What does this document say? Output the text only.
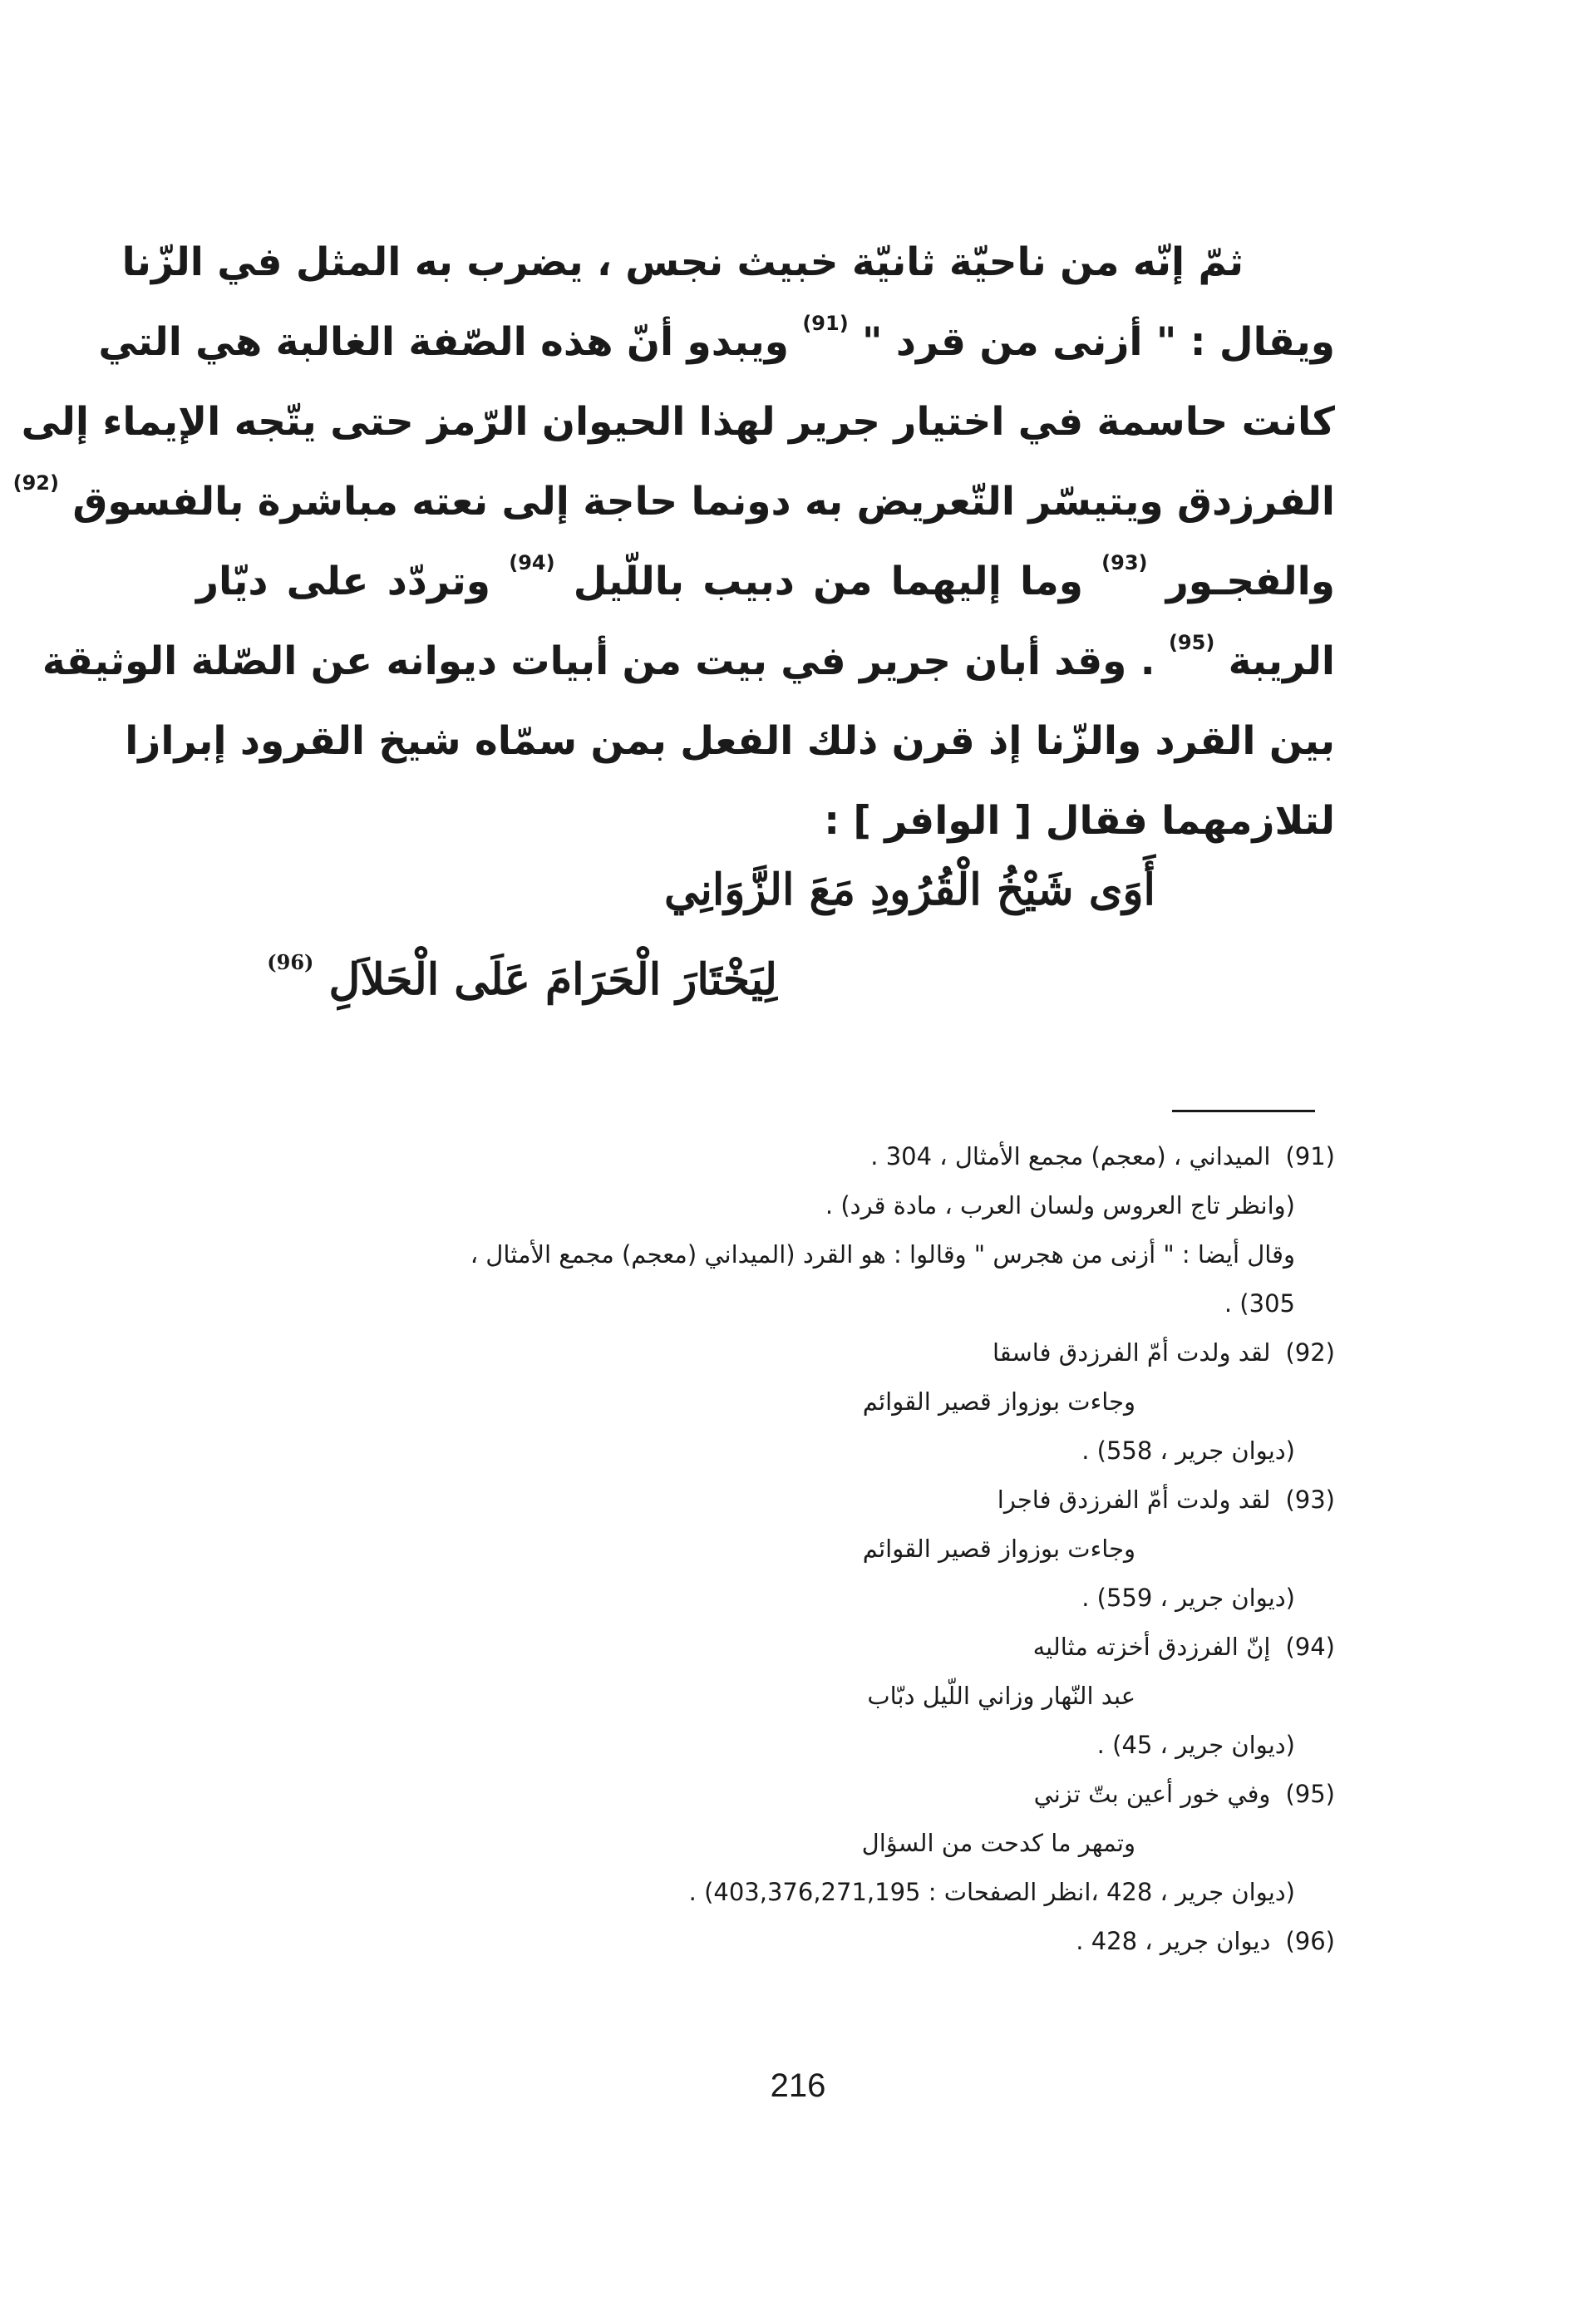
ثمّ إنّه من ناحيّة ثانيّة خبيث نجس ، يضرب به المثل في الزّنا
ويقال : " أزنى من قرد " $^{(91)}$ ويبدو أنّ هذه الصّفة الغالبة هي التي
كانت حاسمة في اختيار جرير لهذا الحيوان الرّمز حتى يتّجه الإيماء إلى
الفرزدق ويتيسّر التّعريض به دونما حاجة إلى نعته مباشرة بالفسوق $^{(92)}$
والفجـور $^{(93)}$ وما إليهما من دبيب باللّيل $^{(94)}$ وتردّد على ديّار
الريبة $^{(95)}$ . وقد أبان جرير في بيت من أبيات ديوانه عن الصّلة الوثيقة
بين القرد والزّنا إذ قرن ذلك الفعل بمن سمّاه شيخ القرود إبرازا
لتلازمهما فقال [ الوافر ] :
أَوَى شَيْخُ الْقُرُودِ مَعَ الزَّوَانِي
لِيَخْتَارَ الْحَرَامَ عَلَى الْحَلاَلِ $^{(96)}$
(91)الميداني ، (معجم) مجمع الأمثال ، 304 .
(وانظر تاج العروس ولسان العرب ، مادة قرد) .
وقال أيضا : " أزنى من هجرس " وقالوا : هو القرد (الميداني (معجم) مجمع الأمثال ،
305) .
(92)لقد ولدت أمّ الفرزدق فاسقا
وجاءت بوزواز قصير القوائم
(ديوان جرير ، 558) .
(93)لقد ولدت أمّ الفرزدق فاجرا
وجاءت بوزواز قصير القوائم
(ديوان جرير ، 559) .
(94)إنّ الفرزدق أخزته مثاليه
عبد النّهار وزاني اللّيل دبّاب
(ديوان جرير ، 45) .
(95)وفي خور أعين بتّ تزني
وتمهر ما كدحت من السؤال
(ديوان جرير ، 428 ،انظر الصفحات : 403,376,271,195) .
(96)ديوان جرير ، 428 .
216
